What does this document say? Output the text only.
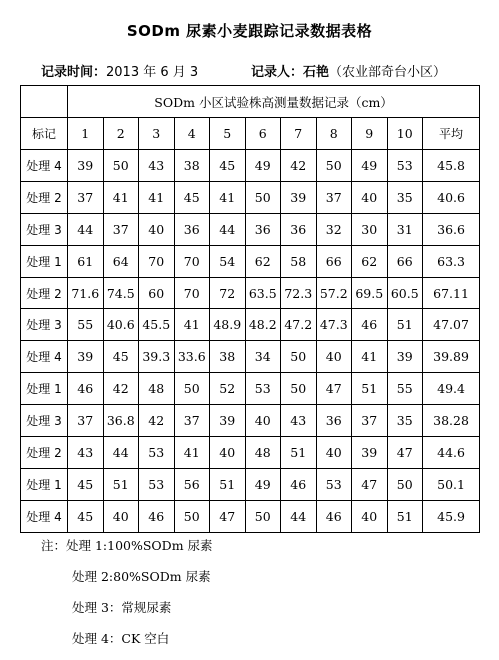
SODm 尿素小麦跟踪记录数据表格
记录时间：2013 年 6 月 3	记录人：石艳（农业部奇台小区）
	SODm 小区试验株高测量数据记录（cm）										
标记	1	2	3	4	5	6	7	8	9	10	平均
处理 4	39	50	43	38	45	49	42	50	49	53	45.8
处理 2	37	41	41	45	41	50	39	37	40	35	40.6
处理 3	44	37	40	36	44	36	36	32	30	31	36.6
处理 1	61	64	70	70	54	62	58	66	62	66	63.3
处理 2	71.6	74.5	60	70	72	63.5	72.3	57.2	69.5	60.5	67.11
处理 3	55	40.6	45.5	41	48.9	48.2	47.2	47.3	46	51	47.07
处理 4	39	45	39.3	33.6	38	34	50	40	41	39	39.89
处理 1	46	42	48	50	52	53	50	47	51	55	49.4
处理 3	37	36.8	42	37	39	40	43	36	37	35	38.28
处理 2	43	44	53	41	40	48	51	40	39	47	44.6
处理 1	45	51	53	56	51	49	46	53	47	50	50.1
处理 4	45	40	46	50	47	50	44	46	40	51	45.9
注：处理 1:100%SODm 尿素
处理 2:80%SODm 尿素
处理 3：常规尿素
处理 4：CK 空白
